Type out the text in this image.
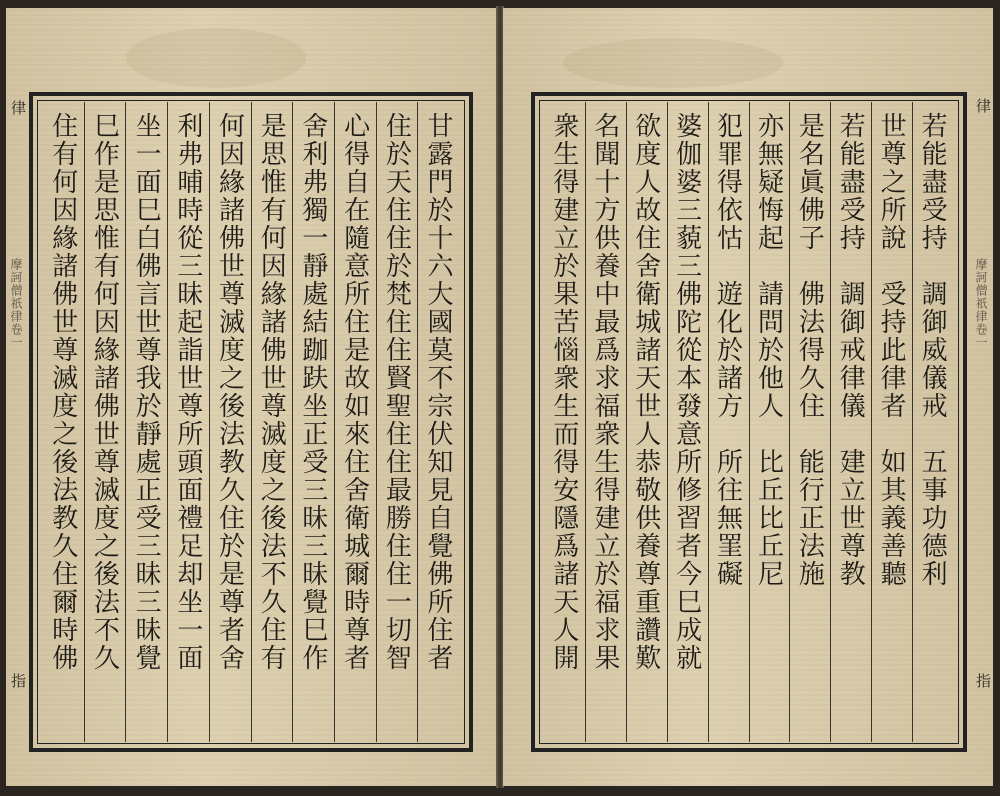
律
摩訶僧祇律卷一
指
住有何因緣諸佛世尊滅度之後法教久住爾時佛 巳作是思惟有何因緣諸佛世尊滅度之後法不久 坐一面巳白佛言世尊我於靜處正受三昧三昧覺 利弗晡時從三昧起詣世尊所頭面禮足却坐一面 何因緣諸佛世尊滅度之後法教久住於是尊者舍 是思惟有何因緣諸佛世尊滅度之後法不久住有 舍利弗獨一靜處結跏趺坐正受三昧三昧覺巳作 心得自在隨意所住是故如來住舍衛城爾時尊者 住於天住住於梵住住賢聖住住最勝住住一切智 甘露門於十六大國莫不宗伏知見自覺佛所住者
律
摩訶僧祇律卷一
指
衆生得建立於果苦惱衆生而得安隱爲諸天人開 名聞十方供養中最爲求福衆生得建立於福求果 欲度人故住舍衛城諸天世人恭敬供養尊重讚歎 婆伽婆三藐三佛陀從本發意所修習者今巳成就 犯罪得依怙　遊化於諸方　所往無罣礙 亦無疑悔起　請問於他人　比丘比丘尼 是名眞佛子　佛法得久住　能行正法施 若能盡受持　調御戒律儀　建立世尊教 世尊之所說　受持此律者　如其義善聽 若能盡受持　調御威儀戒　五事功德利
